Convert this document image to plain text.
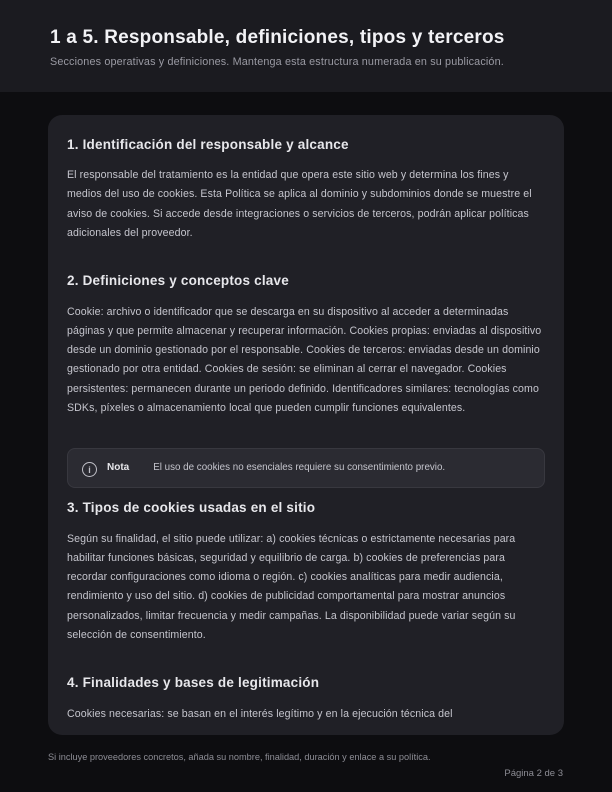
1 a 5. Responsable, definiciones, tipos y terceros

Secciones operativas y definiciones. Mantenga esta estructura numerada en su publicación.

1. Identificación del responsable y alcance

El responsable del tratamiento es la entidad que opera este sitio web y determina los fines y medios del uso de cookies. Esta Política se aplica al dominio y subdominios donde se muestre el aviso de cookies. Si accede desde integraciones o servicios de terceros, podrán aplicar políticas adicionales del proveedor.

2. Definiciones y conceptos clave

Cookie: archivo o identificador que se descarga en su dispositivo al acceder a determinadas páginas y que permite almacenar y recuperar información. Cookies propias: enviadas al dispositivo desde un dominio gestionado por el responsable. Cookies de terceros: enviadas desde un dominio gestionado por otra entidad. Cookies de sesión: se eliminan al cerrar el navegador. Cookies persistentes: permanecen durante un periodo definido. Identificadores similares: tecnologías como SDKs, píxeles o almacenamiento local que pueden cumplir funciones equivalentes.

i	Nota El uso de cookies no esenciales requiere su consentimiento previo.
3. Tipos de cookies usadas en el sitio

Según su finalidad, el sitio puede utilizar: a) cookies técnicas o estrictamente necesarias para habilitar funciones básicas, seguridad y equilibrio de carga. b) cookies de preferencias para recordar configuraciones como idioma o región. c) cookies analíticas para medir audiencia, rendimiento y uso del sitio. d) cookies de publicidad comportamental para mostrar anuncios personalizados, limitar frecuencia y medir campañas. La disponibilidad puede variar según su selección de consentimiento.

4. Finalidades y bases de legitimación

Cookies necesarias: se basan en el interés legítimo y en la ejecución técnica del

Si incluye proveedores concretos, añada su nombre, finalidad, duración y enlace a su política.
Página 2 de 3
